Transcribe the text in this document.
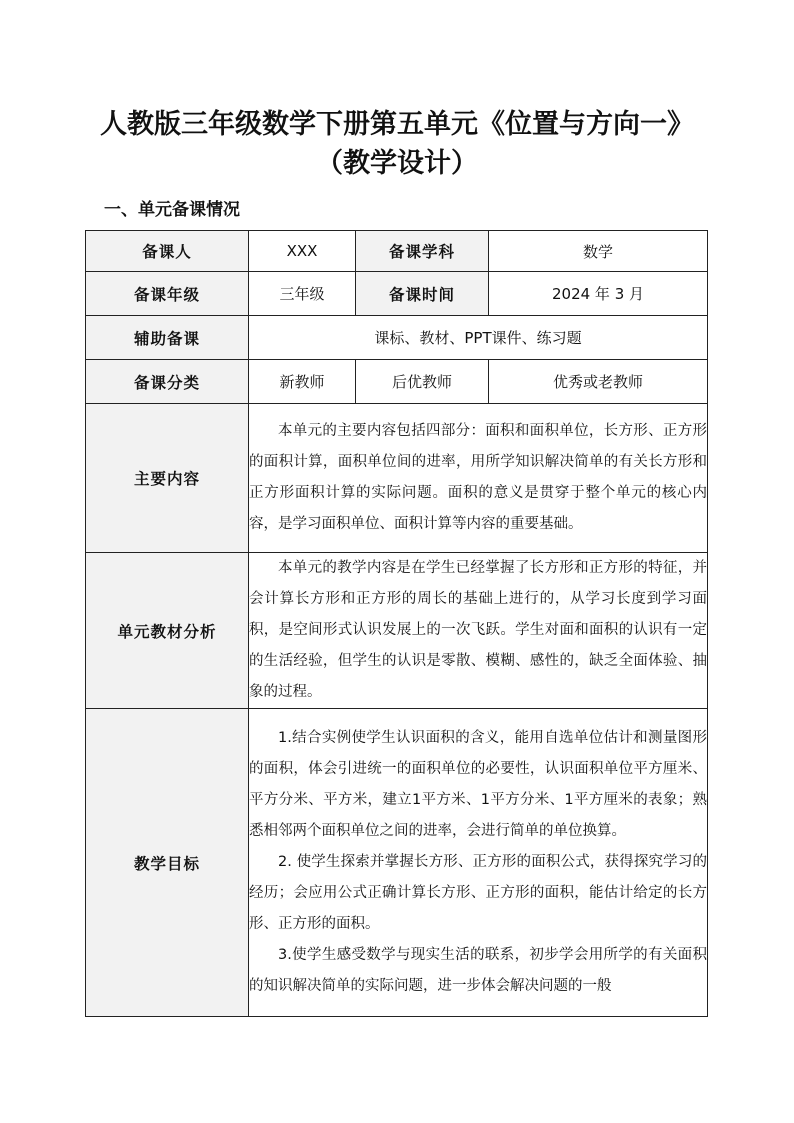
人教版三年级数学下册第五单元《位置与方向一》
（教学设计）
一、单元备课情况
备课人	XXX	备课学科	数学
备课年级	三年级	备课时间	2024 年 3 月
辅助备课	课标、教材、PPT课件、练习题		
备课分类	新教师	后优教师	优秀或老教师
主要内容	本单元的主要内容包括四部分：面积和面积单位，长方形、正方形的面积计算，面积单位间的进率，用所学知识解决简单的有关长方形和正方形面积计算的实际问题。面积的意义是贯穿于整个单元的核心内容，是学习面积单位、面积计算等内容的重要基础。		

单元教材分析	本单元的教学内容是在学生已经掌握了长方形和正方形的特征，并会计算长方形和正方形的周长的基础上进行的，从学习长度到学习面积，是空间形式认识发展上的一次飞跃。学生对面和面积的认识有一定的生活经验，但学生的认识是零散、模糊、感性的，缺乏全面体验、抽象的过程。		

教学目标	1.结合实例使学生认识面积的含义，能用自选单位估计和测量图形的面积，体会引进统一的面积单位的必要性，认识面积单位平方厘米、平方分米、平方米，建立1平方米、1平方分米、1平方厘米的表象；熟悉相邻两个面积单位之间的进率，会进行简单的单位换算。

2. 使学生探索并掌握长方形、正方形的面积公式，获得探究学习的经历；会应用公式正确计算长方形、正方形的面积，能估计给定的长方形、正方形的面积。

3.使学生感受数学与现实生活的联系，初步学会用所学的有关面积的知识解决简单的实际问题，进一步体会解决问题的一般		
